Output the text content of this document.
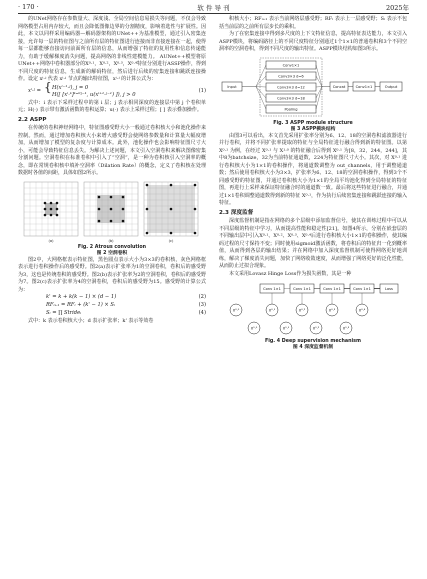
· 170 ·	软 件 导 刊	2025年

的UNet网络存在参数量大、深度浅、全局空间信息易损失等问题，不仅会导致网络模型占用内存较大，而且会降低图像边界的分割精度，影响着选性与扩展性。因此，本文以同样采用编码器—解码器架构的UNet++为基准模型，通过引入密集连接，允许每一层的特征图与之前所有层的特征图进行连接而非直接连接在一起，使得每一层都能够直接访问前面所有层的信息，从而增强了特征的复用性和信息传递能力，有助于缓解梯度消失问题，提高网络的非线性建模能力。 AUNet++模型将原UNet++网络中卷积器部分的X⁰·¹，X⁰·²，X⁰·³，X⁰·⁴特征分别进行ASSP操作，得到不同尺度的特征信息，生成新的解码特征，然后进行后续的密集连接和跳跃连接操作。设定 xⁱ·ʲ 代表 xⁱ·ʲ 节点的输出特征图，xⁱ·ʲ 的计算公式为：

xⁱ·ʲ = { H(xⁱ⁻¹·ʲ), j = 0
H([ [xⁱ·ᵏ]ᵏ⁼⁰ʲ⁻¹, u(xⁱ⁺¹·ʲ⁻¹) ]), j > 0
(1)

式中：i 表示下采样过程中的第 i 层；j 表示相同深度的连接层中第 j 个卷积单元；H(·) 表示带有激活函数的卷积运算；u(·) 表示上采样过程；[ ] 表示叠加操作。

2.2 ASPP

在传统的卷积神经网络中，特征图感受野大小一般通过卷积核大小和池化操作来控制。然而，通过增加卷积核大小来增大感受野会使网络参数量和计算量大幅度增加，从而增加了模型的复杂度与计算成本。此外，池化操作也会影响特征图尺寸大小，可能会导致特征信息丢失。为解决上述问题，本文引入空洞卷积来解决图像密集分割问题。空洞卷积在标准卷积中引入了“空洞”，是一种为卷积核引入空洞率的概念，即在常规卷积核中填补空洞率（Dilation Rate）的概念，定义了卷积核在处理数据时各值的间距，具体如图2所示。

(a)	(b)	(c)
Fig. 2 Atrous convolution
图 2 空洞卷积

图2中，大网格框表示特征图，黑色圆点表示大小为3×3的卷积核，灰色网格框表示进行卷积操作后的感受野。图2(a)表示扩张率为1的空洞卷积，卷积后的感受野为3，这也是传统卷积的感受野。图2(b)表示扩张率为2的空洞卷积，卷积后的感受野为7。图2(c)表示扩张率为4的空洞卷积，卷积后的感受野为15。感受野的计算公式为：

k' = k + k(k − 1) × (d − 1)	(2)
RFᵢ₊₁ = RFᵢ + (k' − 1) × Sᵢ	(3)
Sᵢ = ∏ Strideᵢ	(4)

式中：k 表示卷积核大小；d 表示扩张率；k' 表示等效卷

积核大小；RFᵢ₊₁ 表示当前网络层感受野；RFᵢ 表示上一层感受野；Sᵢ 表示不包括当前层的之前所有层步长的乘积。

为了在密集连接中得到多尺度的上下文特征信息，提高特征表达能力，本文引入ASPP模块，将编码路径上的不同尺度特征分别通过1个1×1的普通卷积和3个不同空洞率的空洞卷积，得到不同尺度的输出特征。ASPP模块结构如图3所示。

Input
Conv1×1
Conv3×3 d=6
Conv3×3 d=12
Conv3×3 d=18
Pooling
Concat	Conv1×1	Output
Fig. 3 ASPP module structure
图 3 ASPP模块结构

由图3可以看出，本文首先采用扩张率分别为6、12、18的空洞卷积滤波器进行并行卷积，并将不同扩张率提取的特征与全局特征进行融合得到新的特征图。以第 X⁰·¹ 为例，在经过 X⁰·¹ 与 X¹·⁰ 的特征融合后得到 X⁰·¹ 为[8，32，244，244]，其中8为batchsize，32为当前特征通道数，224为特征图尺寸大小。其次，对 X⁰·¹ 进行卷积核大小为1×1的卷积操作，将通道数调整为 out_channels，用于调整通道数；然后使用卷积核大小为3×3，扩张率为6、12、18的空洞卷积操作，得到3个不同感受野的特征图，并通过卷积核大小为1×1的全局平均池化得到全局特征的特征图，再进行上采样来保证特征融合时的通道数一致。最后将这些特征进行融合，并通过1×1卷积调整通道数得到新的特征 X⁰·¹，作为执行后续密集连接和跳跃连接的输入特征。

2.3 深度监督

深度监督机制是指在网络的多个层级中添加监督信号，使其在训练过程中可以从不同层级的特征中学习，从而提高性能和稳定性[21]。如图4所示，分别在嵌套层的不同输出层中引入X⁰·¹、X⁰·²、X⁰·³、X⁰·⁴后进行卷积核大小1×1的卷积操作，使其编码过程的尺寸保持不变；同时使用sigmoid激活函数，将卷积后的特征归一化到概率值，从而得到各层的输出结果；并在网络中加入深度监督机制可使得网络更好地训练，解决了梯度消失问题，加快了网络收敛速度，从而增强了网络更好的泛化性能，从而防止过拟合现象。

本文采用Lovasz Hinge Loss作为损失函数，其是一种

Conv 1×1	Conv 1×1	Conv 1×1	Conv 1×1	Loss
X⁰·⁰	X⁰·¹	X⁰·²	X⁰·³	X⁰·⁴
X¹·⁰	X¹·¹	X¹·²	X¹·³
Fig. 4 Deep supervision mechanism
图 4 深度监督机制
